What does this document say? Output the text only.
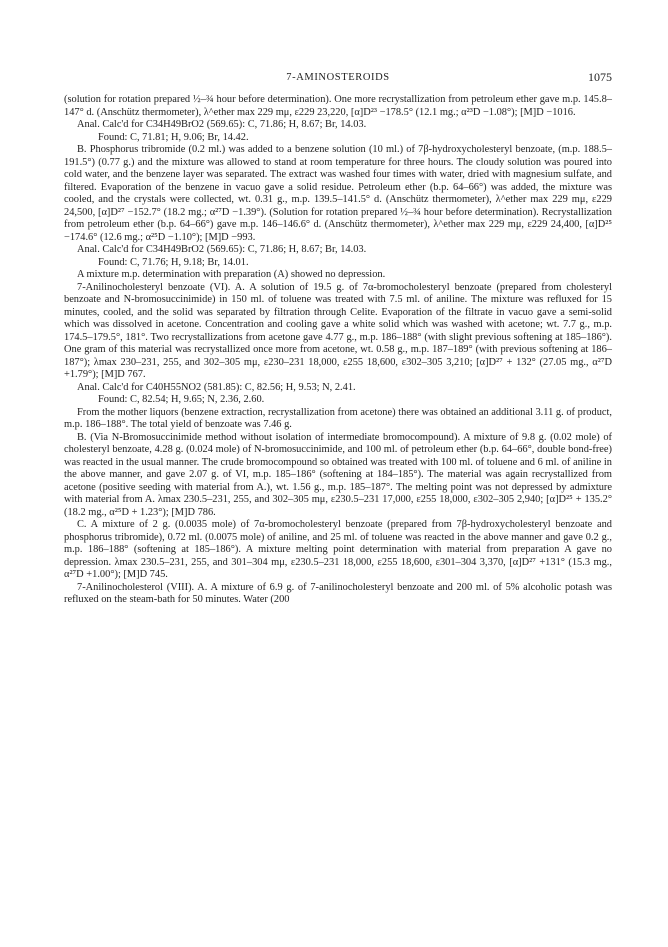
7-AMINOSTEROIDS	1075

(solution for rotation prepared ½–¾ hour before determination). One more recrystallization from petroleum ether gave m.p. 145.8–147° d. (Anschütz thermometer), λ^ether max 229 mμ, ε229 23,220, [α]D²³ −178.5° (12.1 mg.; α²³D −1.08°); [M]D −1016.

Anal. Calc'd for C34H49BrO2 (569.65): C, 71.86; H, 8.67; Br, 14.03.

Found: C, 71.81; H, 9.06; Br, 14.42.

B. Phosphorus tribromide (0.2 ml.) was added to a benzene solution (10 ml.) of 7β-hydroxycholesteryl benzoate, (m.p. 188.5–191.5°) (0.77 g.) and the mixture was allowed to stand at room temperature for three hours. The cloudy solution was poured into cold water, and the benzene layer was separated. The extract was washed four times with water, dried with magnesium sulfate, and filtered. Evaporation of the benzene in vacuo gave a solid residue. Petroleum ether (b.p. 64–66°) was added, the mixture was cooled, and the crystals were collected, wt. 0.31 g., m.p. 139.5–141.5° d. (Anschütz thermometer), λ^ether max 229 mμ, ε229 24,500, [α]D²⁷ −152.7° (18.2 mg.; α²⁷D −1.39°). (Solution for rotation prepared ½–¾ hour before determination). Recrystallization from petroleum ether (b.p. 64–66°) gave m.p. 146–146.6° d. (Anschütz thermometer), λ^ether max 229 mμ, ε229 24,400, [α]D²⁵ −174.6° (12.6 mg.; α²⁵D −1.10°); [M]D −993.

Anal. Calc'd for C34H49BrO2 (569.65): C, 71.86; H, 8.67; Br, 14.03.

Found: C, 71.76; H, 9.18; Br, 14.01.

A mixture m.p. determination with preparation (A) showed no depression.

7-Anilinocholesteryl benzoate (VI). A. A solution of 19.5 g. of 7α-bromocholesteryl benzoate (prepared from cholesteryl benzoate and N-bromosuccinimide) in 150 ml. of toluene was treated with 7.5 ml. of aniline. The mixture was refluxed for 15 minutes, cooled, and the solid was separated by filtration through Celite. Evaporation of the filtrate in vacuo gave a semi-solid which was dissolved in acetone. Concentration and cooling gave a white solid which was washed with acetone; wt. 7.7 g., m.p. 174.5–179.5°, 181°. Two recrystallizations from acetone gave 4.77 g., m.p. 186–188° (with slight previous softening at 185–186°). One gram of this material was recrystallized once more from acetone, wt. 0.58 g., m.p. 187–189° (with previous softening at 186–187°); λmax 230–231, 255, and 302–305 mμ, ε230–231 18,000, ε255 18,600, ε302–305 3,210; [α]D²⁷ + 132° (27.05 mg., α²⁷D +1.79°); [M]D 767.

Anal. Calc'd for C40H55NO2 (581.85): C, 82.56; H, 9.53; N, 2.41.

Found: C, 82.54; H, 9.65; N, 2.36, 2.60.

From the mother liquors (benzene extraction, recrystallization from acetone) there was obtained an additional 3.11 g. of product, m.p. 186–188°. The total yield of benzoate was 7.46 g.

B. (Via N-Bromosuccinimide method without isolation of intermediate bromocompound). A mixture of 9.8 g. (0.02 mole) of cholesteryl benzoate, 4.28 g. (0.024 mole) of N-bromosuccinimide, and 100 ml. of petroleum ether (b.p. 64–66°, double bond-free) was reacted in the usual manner. The crude bromocompound so obtained was treated with 100 ml. of toluene and 6 ml. of aniline in the above manner, and gave 2.07 g. of VI, m.p. 185–186° (softening at 184–185°). The material was again recrystallized from acetone (positive seeding with material from A.), wt. 1.56 g., m.p. 185–187°. The melting point was not depressed by admixture with material from A. λmax 230.5–231, 255, and 302–305 mμ, ε230.5–231 17,000, ε255 18,000, ε302–305 2,940; [α]D²⁵ + 135.2° (18.2 mg., α²⁵D + 1.23°); [M]D 786.

C. A mixture of 2 g. (0.0035 mole) of 7α-bromocholesteryl benzoate (prepared from 7β-hydroxycholesteryl benzoate and phosphorus tribromide), 0.72 ml. (0.0075 mole) of aniline, and 25 ml. of toluene was reacted in the above manner and gave 0.2 g., m.p. 186–188° (softening at 185–186°). A mixture melting point determination with material from preparation A gave no depression. λmax 230.5–231, 255, and 301–304 mμ, ε230.5–231 18,000, ε255 18,600, ε301–304 3,370, [α]D²⁷ +131° (15.3 mg., α²⁷D +1.00°); [M]D 745.

7-Anilinocholesterol (VIII). A. A mixture of 6.9 g. of 7-anilinocholesteryl benzoate and 200 ml. of 5% alcoholic potash was refluxed on the steam-bath for 50 minutes. Water (200
